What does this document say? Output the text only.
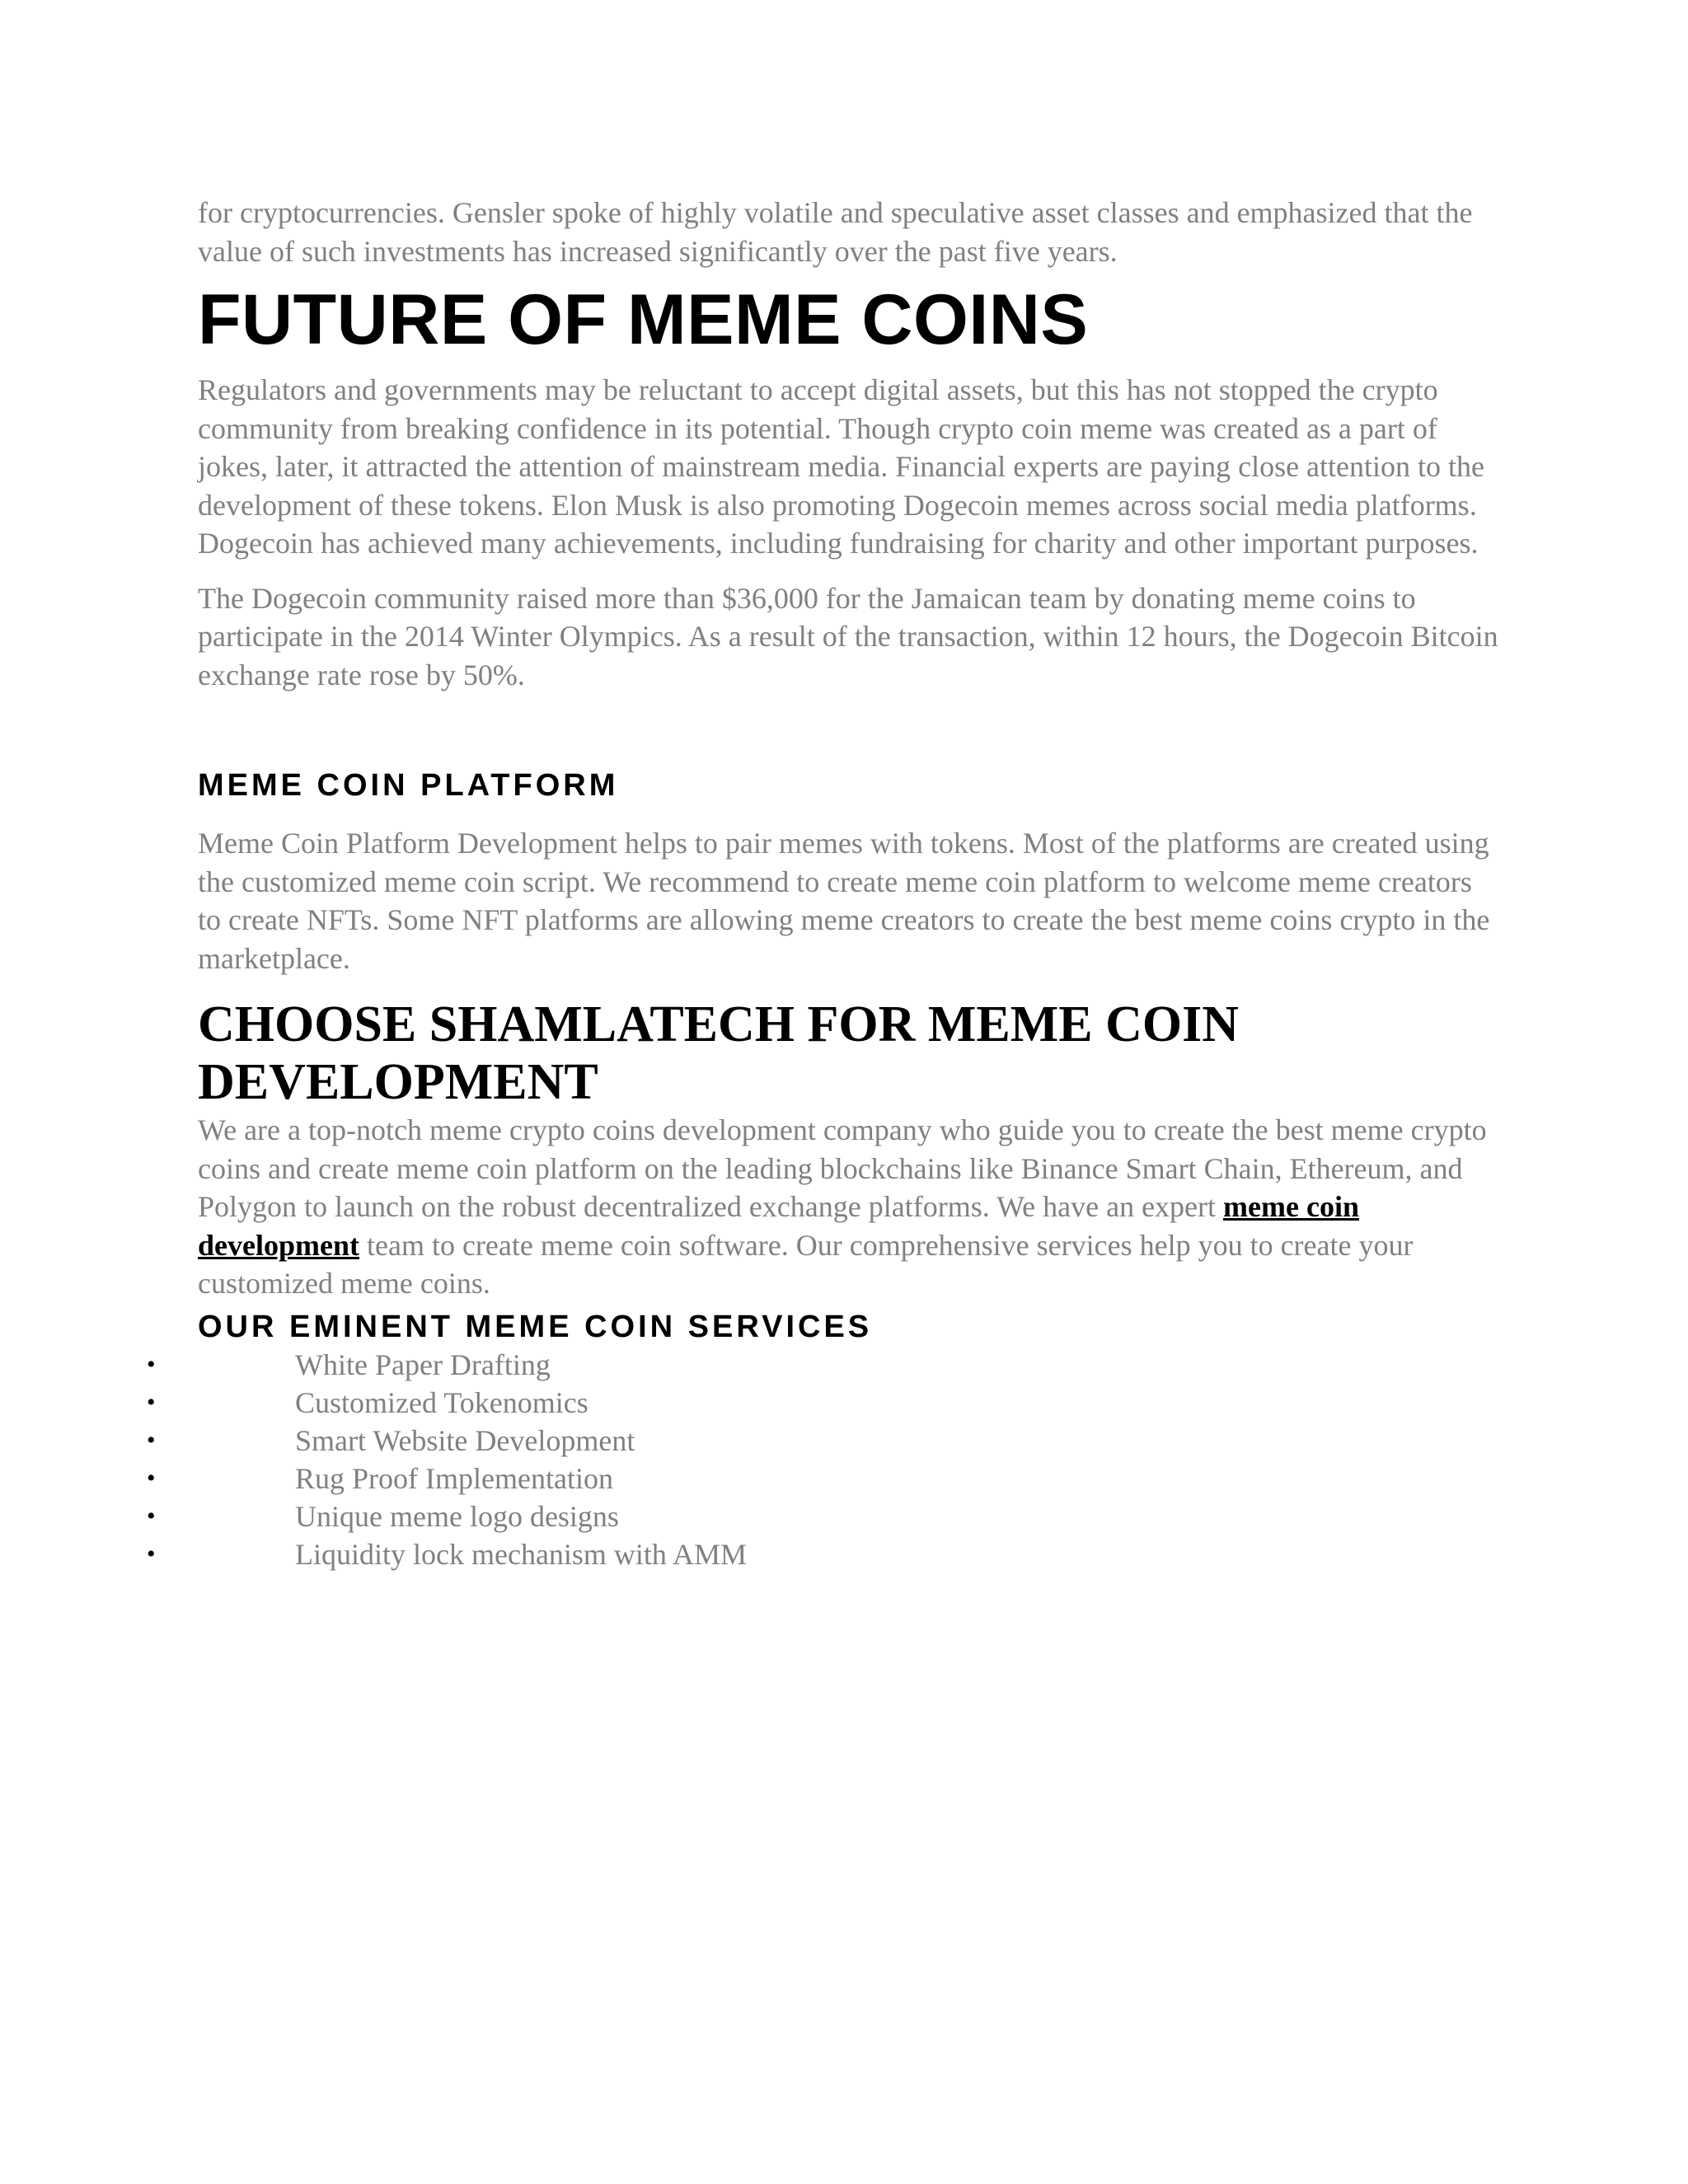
for cryptocurrencies. Gensler spoke of highly volatile and speculative asset classes and emphasized that the value of such investments has increased significantly over the past five years.

FUTURE OF MEME COINS

Regulators and governments may be reluctant to accept digital assets, but this has not stopped the crypto community from breaking confidence in its potential. Though crypto coin meme was created as a part of jokes, later, it attracted the attention of mainstream media. Financial experts are paying close attention to the development of these tokens. Elon Musk is also promoting Dogecoin memes across social media platforms. Dogecoin has achieved many achievements, including fundraising for charity and other important purposes.

The Dogecoin community raised more than $36,000 for the Jamaican team by donating meme coins to participate in the 2014 Winter Olympics. As a result of the transaction, within 12 hours, the Dogecoin Bitcoin exchange rate rose by 50%.

MEME COIN PLATFORM

Meme Coin Platform Development helps to pair memes with tokens. Most of the platforms are created using the customized meme coin script. We recommend to create meme coin platform to welcome meme creators to create NFTs. Some NFT platforms are allowing meme creators to create the best meme coins crypto in the marketplace.

CHOOSE SHAMLATECH FOR MEME COIN DEVELOPMENT

We are a top-notch meme crypto coins development company who guide you to create the best meme crypto coins and create meme coin platform on the leading blockchains like Binance Smart Chain, Ethereum, and Polygon to launch on the robust decentralized exchange platforms. We have an expert meme coin development team to create meme coin software. Our comprehensive services help you to create your customized meme coins.

OUR EMINENT MEME COIN SERVICES
•	White Paper Drafting
•	Customized Tokenomics
•	Smart Website Development
•	Rug Proof Implementation
•	Unique meme logo designs
•	Liquidity lock mechanism with AMM
